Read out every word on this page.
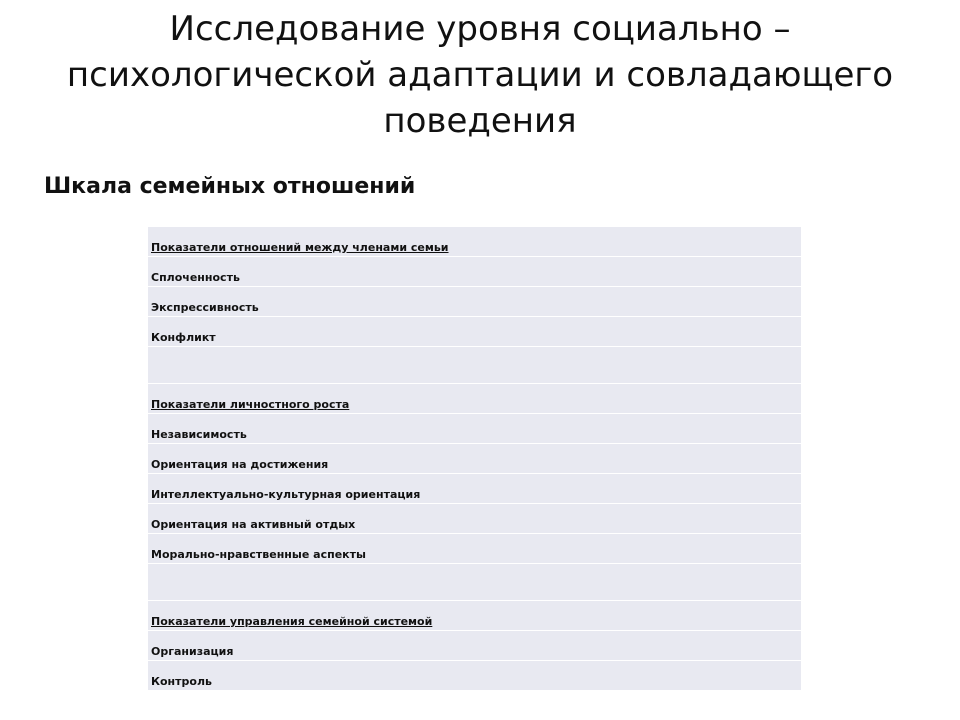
Исследование уровня социально –
психологической адаптации и совладающего
поведения
Шкала семейных отношений
Показатели отношений между членами семьи
Сплоченность
Экспрессивность
Конфликт

Показатели личностного роста
Независимость
Ориентация на достижения
Интеллектуально-культурная ориентация
Ориентация на активный отдых
Морально-нравственные аспекты

Показатели управления семейной системой
Организация
Контроль
